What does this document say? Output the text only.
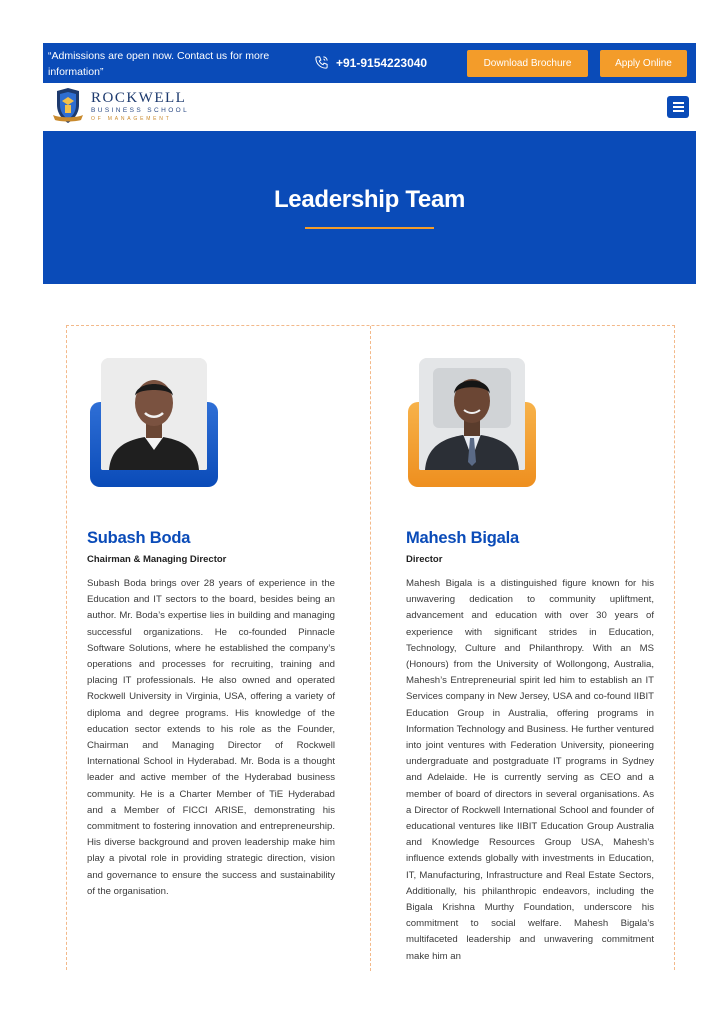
“Admissions are open now. Contact us for more information”
+91-9154223040	Download Brochure	Apply Online
ROCKWELL
BUSINESS SCHOOL
OF MANAGEMENT
Leadership Team
Subash Boda
Chairman & Managing Director
Subash Boda brings over 28 years of experience in the Education and IT sectors to the board, besides being an author. Mr. Boda’s expertise lies in building and managing successful organizations. He co-founded Pinnacle Software Solutions, where he established the company’s operations and processes for recruiting, training and placing IT professionals. He also owned and operated Rockwell University in Virginia, USA, offering a variety of diploma and degree programs. His knowledge of the education sector extends to his role as the Founder, Chairman and Managing Director of Rockwell International School in Hyderabad. Mr. Boda is a thought leader and active member of the Hyderabad business community. He is a Charter Member of TiE Hyderabad and a Member of FICCI ARISE, demonstrating his commitment to fostering innovation and entrepreneurship. His diverse background and proven leadership make him play a pivotal role in providing strategic direction, vision and governance to ensure the success and sustainability of the organisation.
Mahesh Bigala
Director
Mahesh Bigala is a distinguished figure known for his unwavering dedication to community upliftment, advancement and education with over 30 years of experience with significant strides in Education, Technology, Culture and Philanthropy. With an MS (Honours) from the University of Wollongong, Australia, Mahesh’s Entrepreneurial spirit led him to establish an IT Services company in New Jersey, USA and co-found IIBIT Education Group in Australia, offering programs in Information Technology and Business. He further ventured into joint ventures with Federation University, pioneering undergraduate and postgraduate IT programs in Sydney and Adelaide. He is currently serving as CEO and a member of board of directors in several organisations. As a Director of Rockwell International School and founder of educational ventures like IIBIT Education Group Australia and Knowledge Resources Group USA, Mahesh’s influence extends globally with investments in Education, IT, Manufacturing, Infrastructure and Real Estate Sectors, Additionally, his philanthropic endeavors, including the Bigala Krishna Murthy Foundation, underscore his commitment to social welfare. Mahesh Bigala’s multifaceted leadership and unwavering commitment make him an
